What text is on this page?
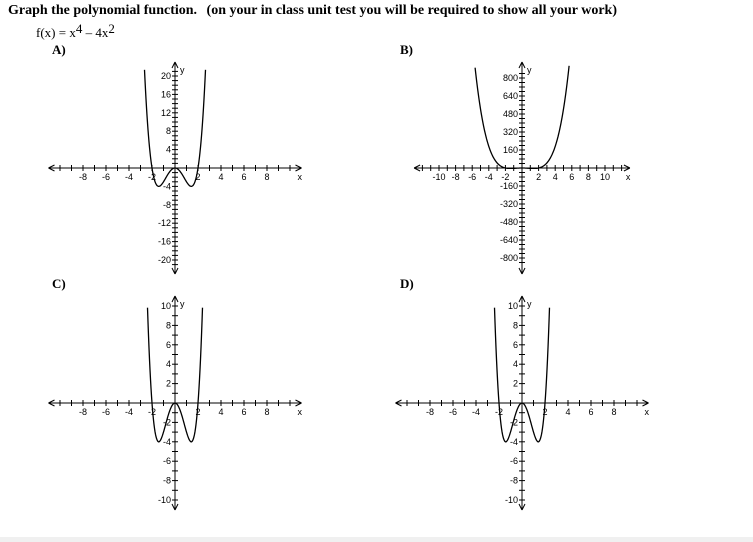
Graph the polynomial function. (on your in class unit test you will be required to show all your work)
$f(x) = x^4 - 4x^2$
A)	B)
C)	D)
-8 -6 -4 -2	2 4 6 8
20
16
12
8
4
-4
-8
-12
-16
-20
y
x	-10 -8 -6 -4 -2	2 4 6 8 10
800
640
480
320
160
-160
-320
-480
-640
-800
y
x
-8 -6 -4 -2	2 4 6 8
10
8
6
4
2
-2
-4
-6
-8
-10
y
x	-8 -6 -4 -2	2 4 6 8
10
8
6
4
2
-2
-4
-6
-8
-10
y
x
